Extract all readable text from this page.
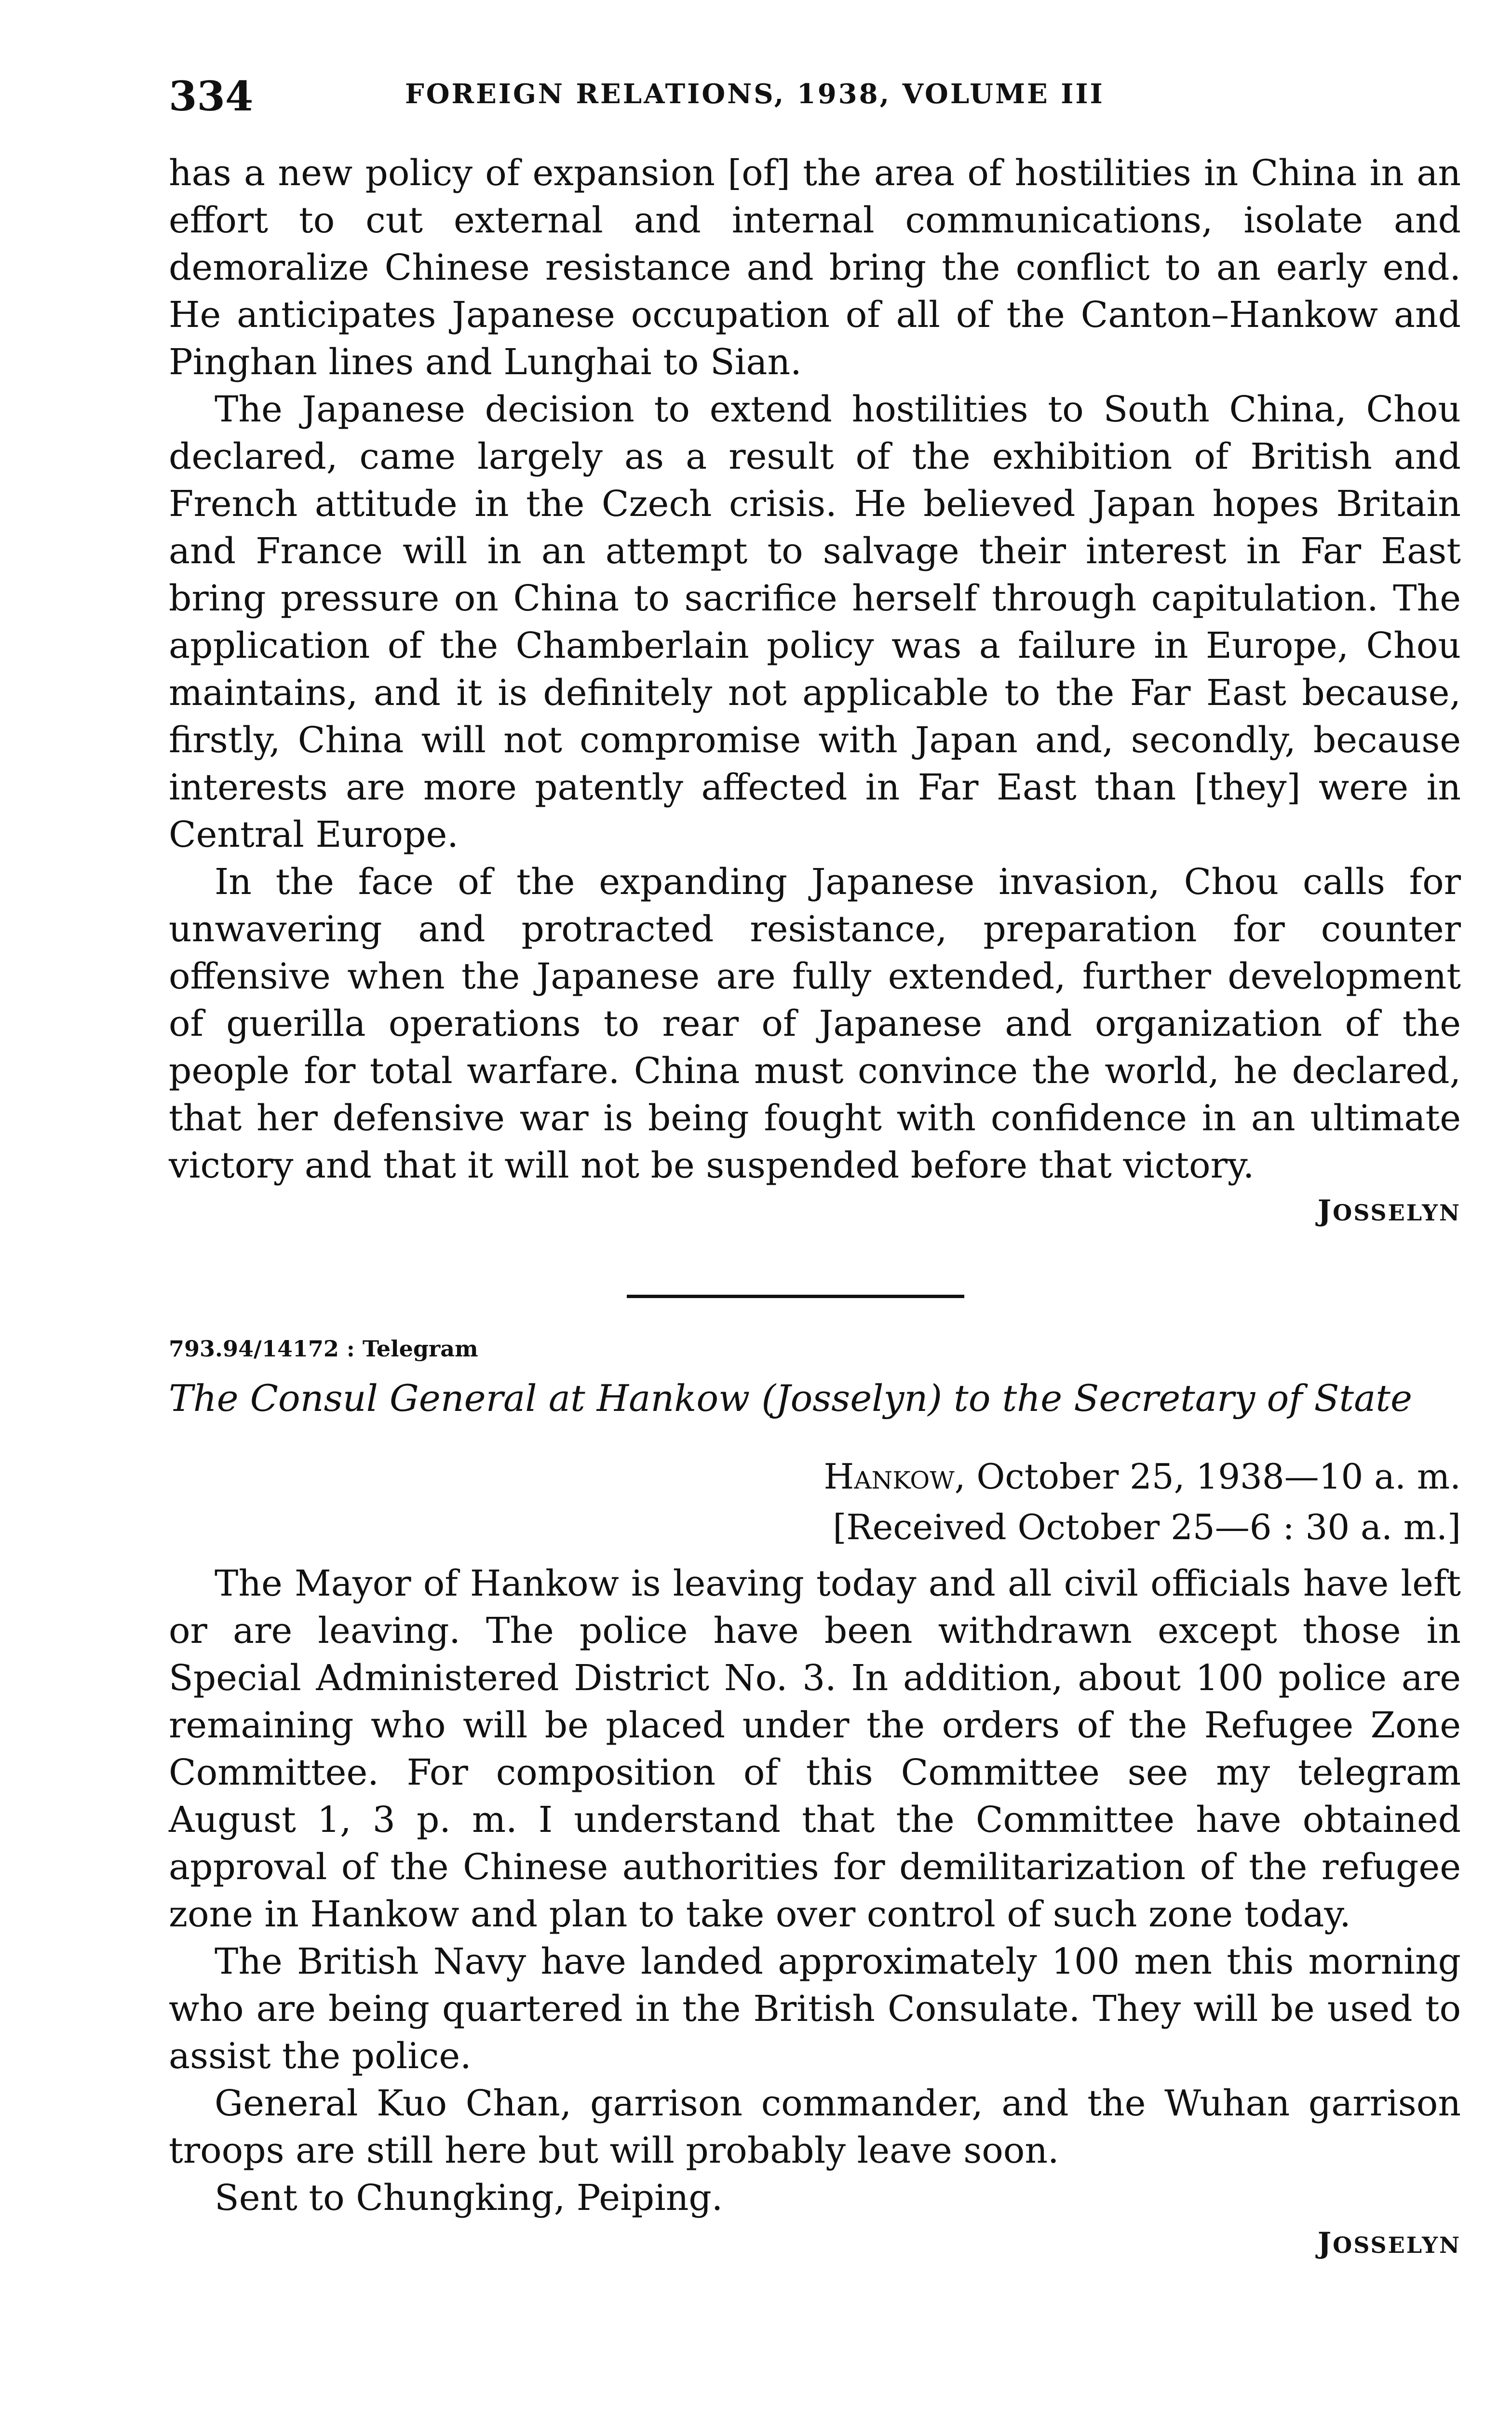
334	FOREIGN RELATIONS, 1938, VOLUME III

has a new policy of expansion [of] the area of hostilities in China in an effort to cut external and internal communications, isolate and demoralize Chinese resistance and bring the conflict to an early end. He anticipates Japanese occupation of all of the Canton–Hankow and Pinghan lines and Lunghai to Sian.

The Japanese decision to extend hostilities to South China, Chou declared, came largely as a result of the exhibition of British and French attitude in the Czech crisis. He believed Japan hopes Britain and France will in an attempt to salvage their interest in Far East bring pressure on China to sacrifice herself through capitulation. The application of the Chamberlain policy was a failure in Europe, Chou maintains, and it is definitely not applicable to the Far East because, firstly, China will not compromise with Japan and, secondly, because interests are more patently affected in Far East than [they] were in Central Europe.

In the face of the expanding Japanese invasion, Chou calls for unwavering and protracted resistance, preparation for counter offensive when the Japanese are fully extended, further development of guerilla operations to rear of Japanese and organization of the people for total warfare. China must convince the world, he declared, that her defensive war is being fought with confidence in an ultimate victory and that it will not be suspended before that victory.

JOSSELYN
793.94/14172 : Telegram
The Consul General at Hankow (Josselyn) to the Secretary of State
Hankow, October 25, 1938—10 a. m.
[Received October 25—6 : 30 a. m.]

The Mayor of Hankow is leaving today and all civil officials have left or are leaving. The police have been withdrawn except those in Special Administered District No. 3. In addition, about 100 police are remaining who will be placed under the orders of the Refugee Zone Committee. For composition of this Committee see my telegram August 1, 3 p. m. I understand that the Committee have obtained approval of the Chinese authorities for demilitarization of the refugee zone in Hankow and plan to take over control of such zone today.

The British Navy have landed approximately 100 men this morning who are being quartered in the British Consulate. They will be used to assist the police.

General Kuo Chan, garrison commander, and the Wuhan garrison troops are still here but will probably leave soon.

Sent to Chungking, Peiping.

JOSSELYN
